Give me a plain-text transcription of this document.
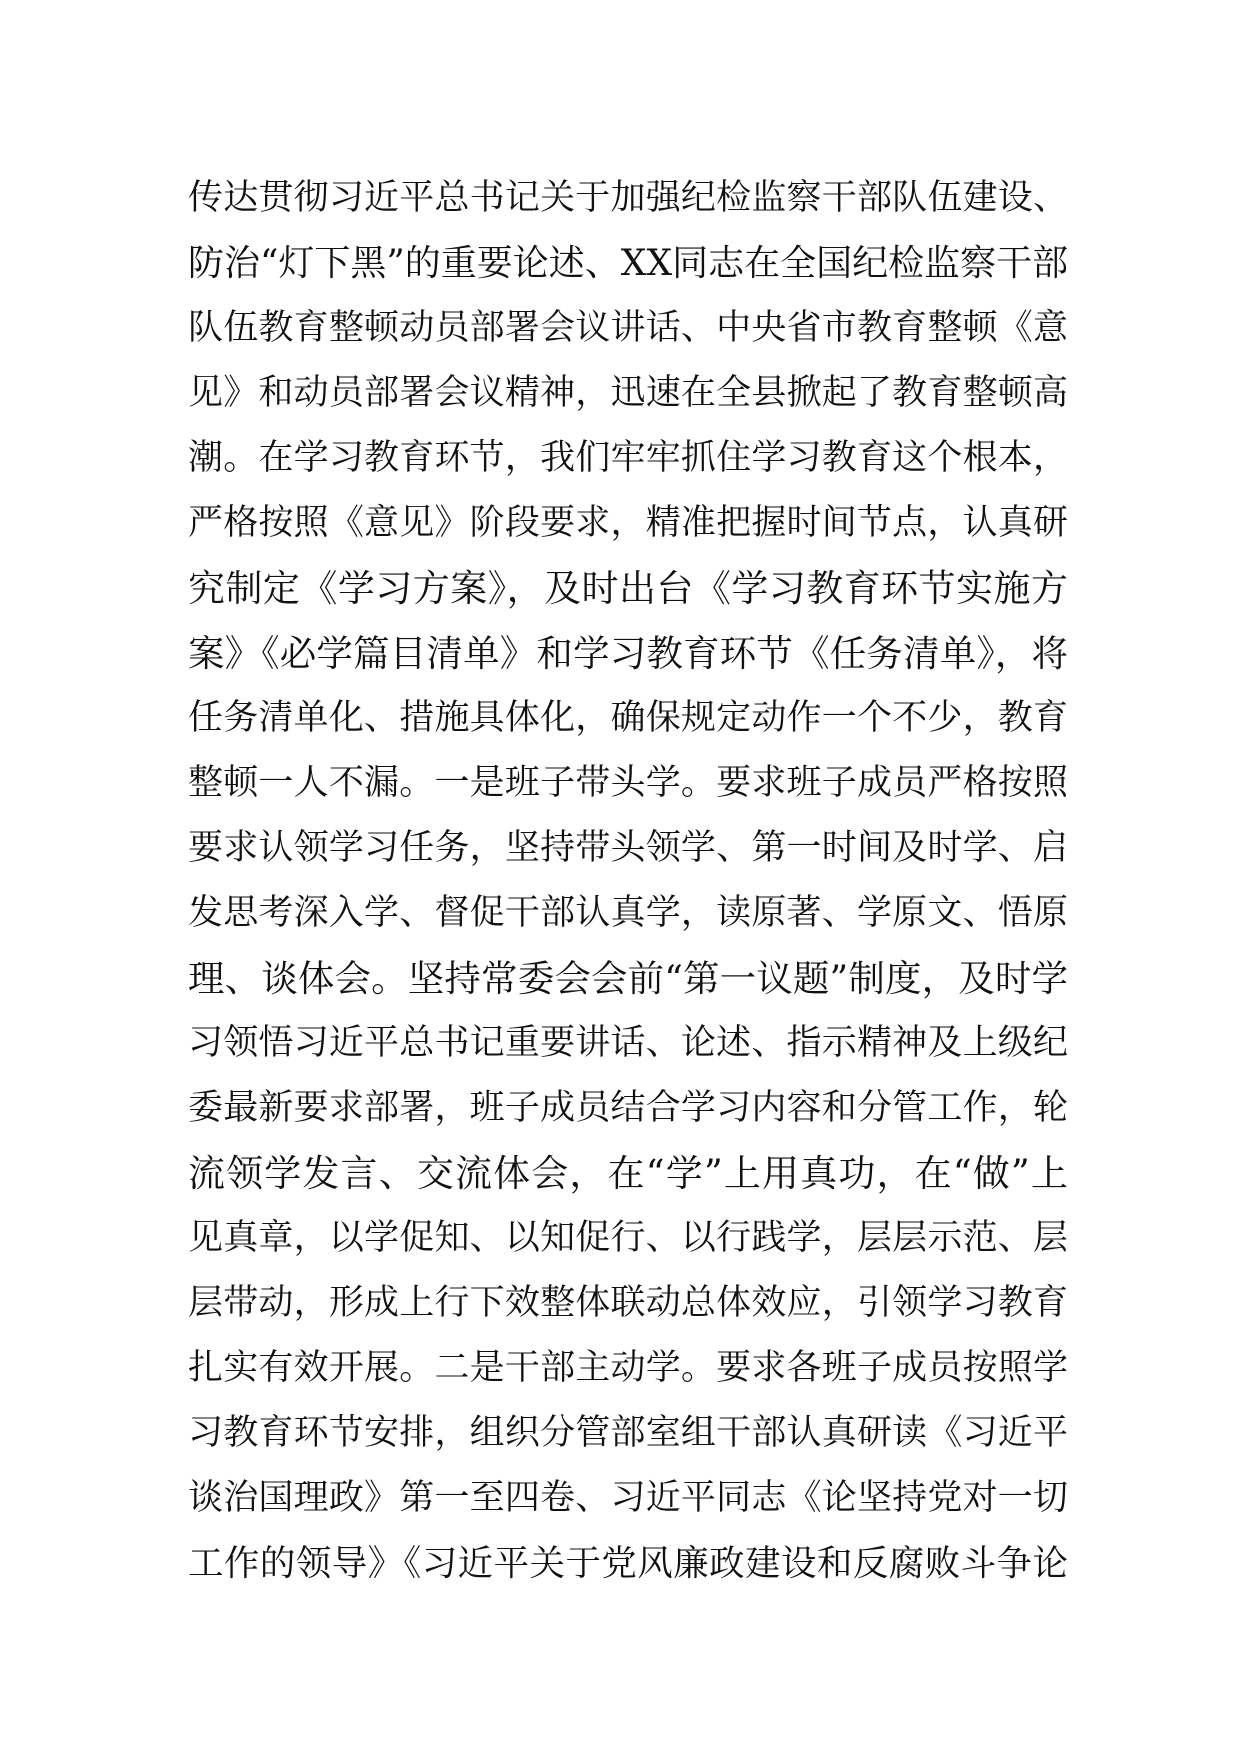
传达贯彻习近平总书记关于加强纪检监察干部队伍建设、
防治“灯下黑”的重要论述、XX同志在全国纪检监察干部
队伍教育整顿动员部署会议讲话、中央省市教育整顿《意
见》和动员部署会议精神，迅速在全县掀起了教育整顿高
潮。在学习教育环节，我们牢牢抓住学习教育这个根本，
严格按照《意见》阶段要求，精准把握时间节点，认真研
究制定《学习方案》，及时出台《学习教育环节实施方
案》《必学篇目清单》和学习教育环节《任务清单》，将
任务清单化、措施具体化，确保规定动作一个不少，教育
整顿一人不漏。一是班子带头学。要求班子成员严格按照
要求认领学习任务，坚持带头领学、第一时间及时学、启
发思考深入学、督促干部认真学，读原著、学原文、悟原
理、谈体会。坚持常委会会前“第一议题”制度，及时学
习领悟习近平总书记重要讲话、论述、指示精神及上级纪
委最新要求部署，班子成员结合学习内容和分管工作，轮
流领学发言、交流体会，在“学”上用真功，在“做”上
见真章，以学促知、以知促行、以行践学，层层示范、层
层带动，形成上行下效整体联动总体效应，引领学习教育
扎实有效开展。二是干部主动学。要求各班子成员按照学
习教育环节安排，组织分管部室组干部认真研读《习近平
谈治国理政》第一至四卷、习近平同志《论坚持党对一切
工作的领导》《习近平关于党风廉政建设和反腐败斗争论
